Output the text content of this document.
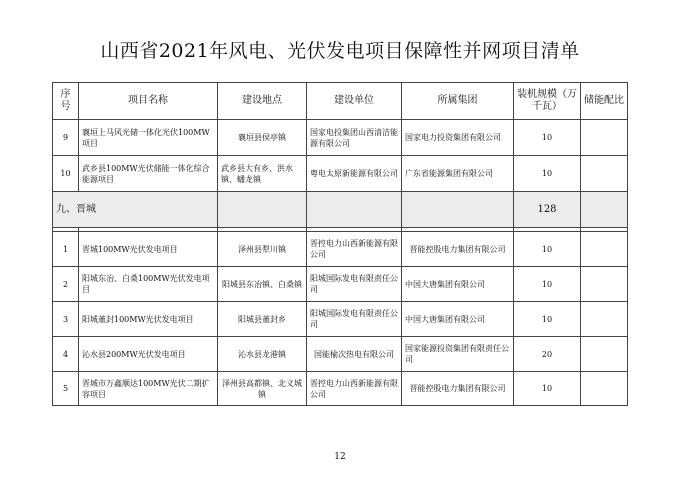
山西省2021年风电、光伏发电项目保障性并网项目清单
序号	项目名称	建设地点	建设单位	所属集团	装机规模（万千瓦）	储能配比
9	襄垣上马风光储一体化光伏100MW项目	襄垣县侯亭镇	国家电投集团山西清洁能源有限公司	国家电力投资集团有限公司	10	
10	武乡县100MW光伏储能一体化综合能源项目	武乡县大有乡、洪水镇、蟠龙镇	粤电太原新能源有限公司	广东省能源集团有限公司	10	
九、晋城					128	

1	晋城100MW光伏发电项目	泽州县犁川镇	晋控电力山西新能源有限公司	晋能控股电力集团有限公司	10	
2	阳城东冶、白桑100MW光伏发电项目	阳城县东冶镇、白桑镇	阳城国际发电有限责任公司	中国大唐集团有限公司	10	
3	阳城董封100MW光伏发电项目	阳城县董封乡	阳城国际发电有限责任公司	中国大唐集团有限公司	10	
4	沁水县200MW光伏发电项目	沁水县龙港镇	国能榆次热电有限公司	国家能源投资集团有限责任公司	20	
5	晋城市万鑫顺达100MW光伏二期扩容项目	泽州县高都镇、北义城镇	晋控电力山西新能源有限公司	晋能控股电力集团有限公司	10	
12
